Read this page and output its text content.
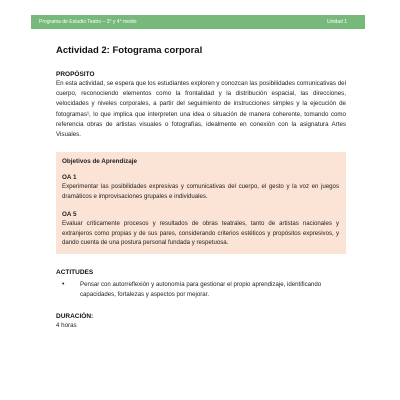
Programa de Estudio Teatro – 3° y 4° medio	Unidad 1
Actividad 2: Fotograma corporal

PROPÓSITO

En esta actividad, se espera que los estudiantes exploren y conozcan las posibilidades comunicativas del cuerpo, reconociendo elementos como la frontalidad y la distribución espacial, las direcciones, velocidades y niveles corporales, a partir del seguimiento de instrucciones simples y la ejecución de fotogramas¹, lo que implica que interpreten una idea o situación de manera coherente, tomando como referencia obras de artistas visuales o fotografías, idealmente en conexión con la asignatura Artes Visuales.

Objetivos de Aprendizaje
OA 1

Experimentar las posibilidades expresivas y comunicativas del cuerpo, el gesto y la voz en juegos dramáticos e improvisaciones grupales e individuales.

OA 5

Evaluar críticamente procesos y resultados de obras teatrales, tanto de artistas nacionales y extranjeros como propias y de sus pares, considerando criterios estéticos y propósitos expresivos, y dando cuenta de una postura personal fundada y respetuosa.

ACTITUDES

•	Pensar con autorreflexión y autonomía para gestionar el propio aprendizaje, identificando capacidades, fortalezas y aspectos por mejorar.

DURACIÓN:

4 horas
